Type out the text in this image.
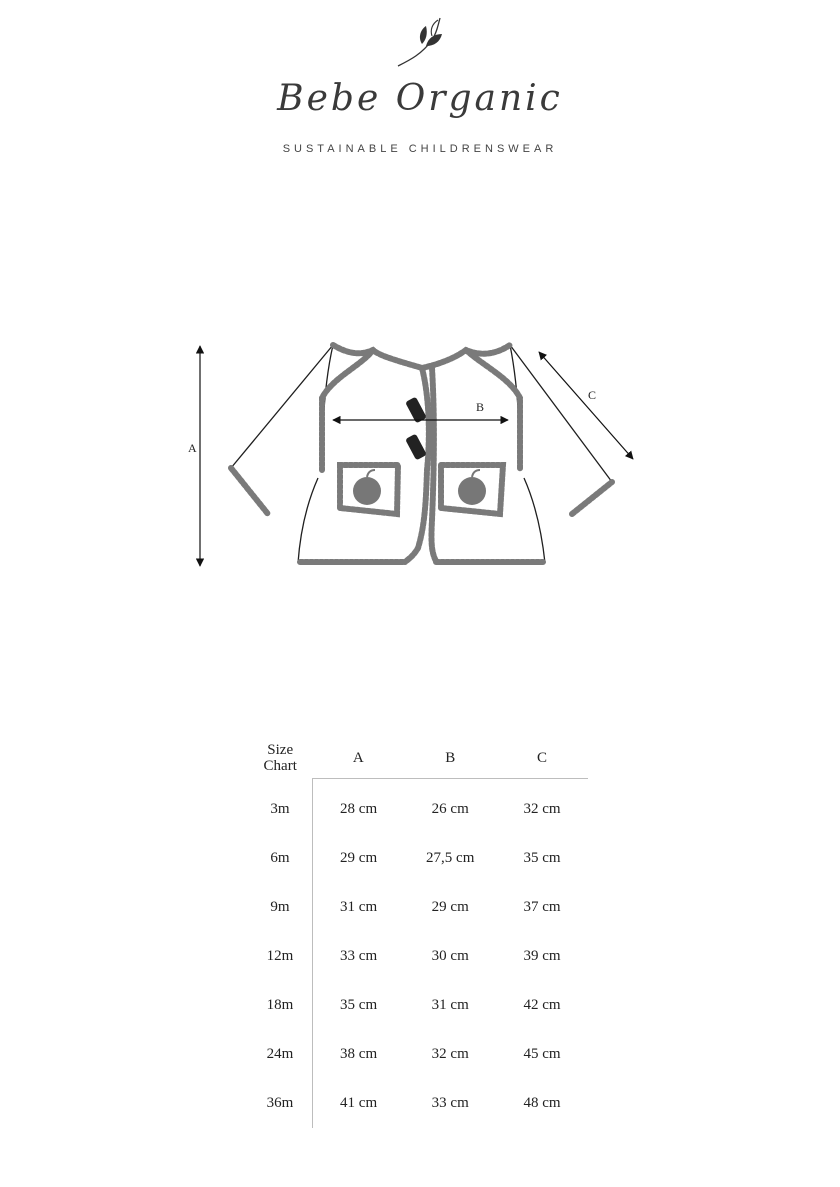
Bebe Organic
SUSTAINABLE CHILDRENSWEAR
A
B
C
Size
Chart	A	B	C
3m	28 cm	26 cm	32 cm
6m	29 cm	27,5 cm	35 cm
9m	31 cm	29 cm	37 cm
12m	33 cm	30 cm	39 cm
18m	35 cm	31 cm	42 cm
24m	38 cm	32 cm	45 cm
36m	41 cm	33 cm	48 cm
